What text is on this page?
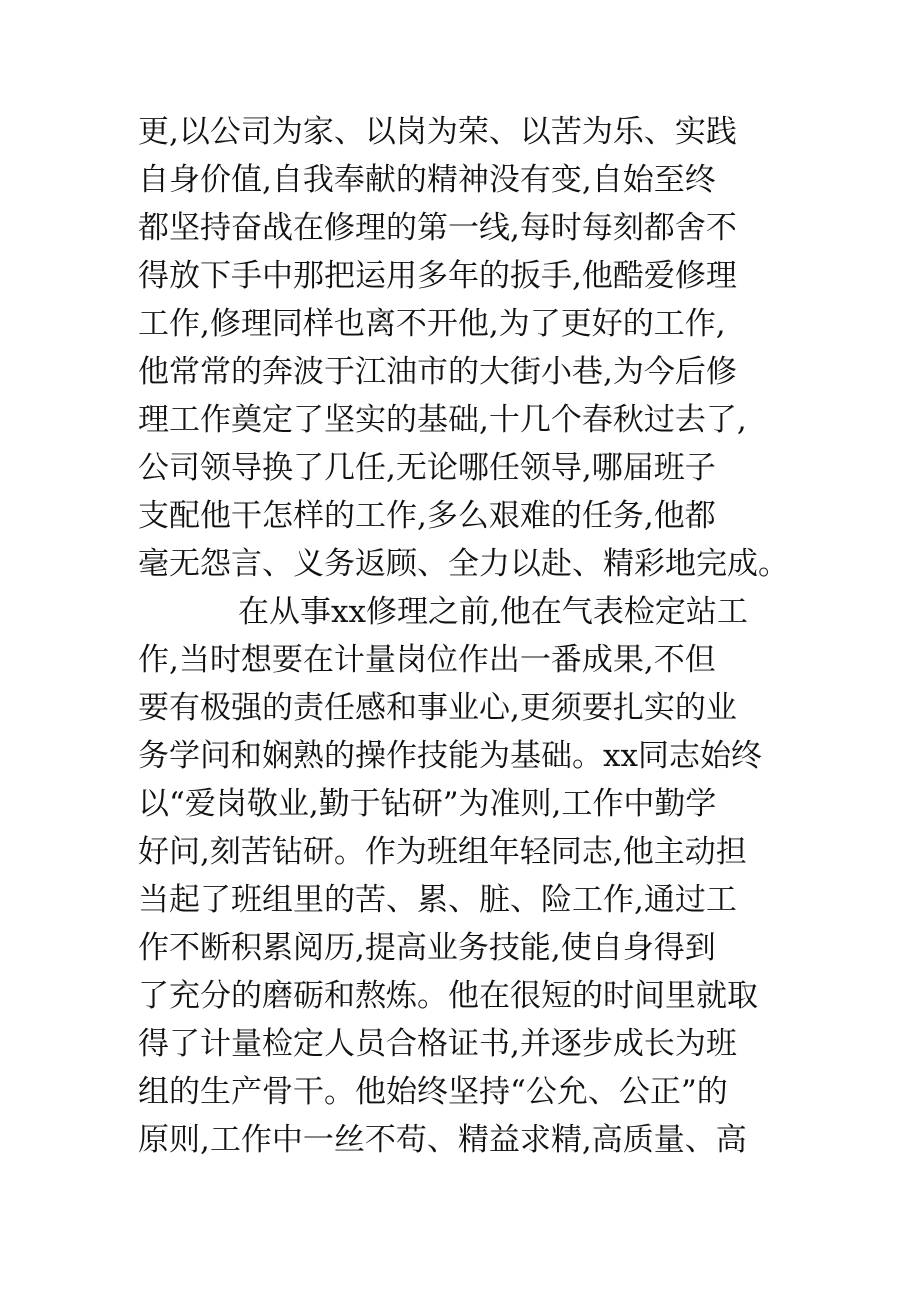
更,以公司为家、以岗为荣、以苦为乐、实践
自身价值,自我奉献的精神没有变,自始至终
都坚持奋战在修理的第一线,每时每刻都舍不
得放下手中那把运用多年的扳手,他酷爱修理
工作,修理同样也离不开他,为了更好的工作,
他常常的奔波于江油市的大街小巷,为今后修
理工作奠定了坚实的基础,十几个春秋过去了,
公司领导换了几任,无论哪任领导,哪届班子
支配他干怎样的工作,多么艰难的任务,他都
毫无怨言、义务返顾、全力以赴、精彩地完成。
在从事xx修理之前,他在气表检定站工
作,当时想要在计量岗位作出一番成果,不但
要有极强的责任感和事业心,更须要扎实的业
务学问和娴熟的操作技能为基础。xx同志始终
以“爱岗敬业,勤于钻研”为准则,工作中勤学
好问,刻苦钻研。作为班组年轻同志,他主动担
当起了班组里的苦、累、脏、险工作,通过工
作不断积累阅历,提高业务技能,使自身得到
了充分的磨砺和熬炼。他在很短的时间里就取
得了计量检定人员合格证书,并逐步成长为班
组的生产骨干。他始终坚持“公允、公正”的
原则,工作中一丝不苟、精益求精,高质量、高
